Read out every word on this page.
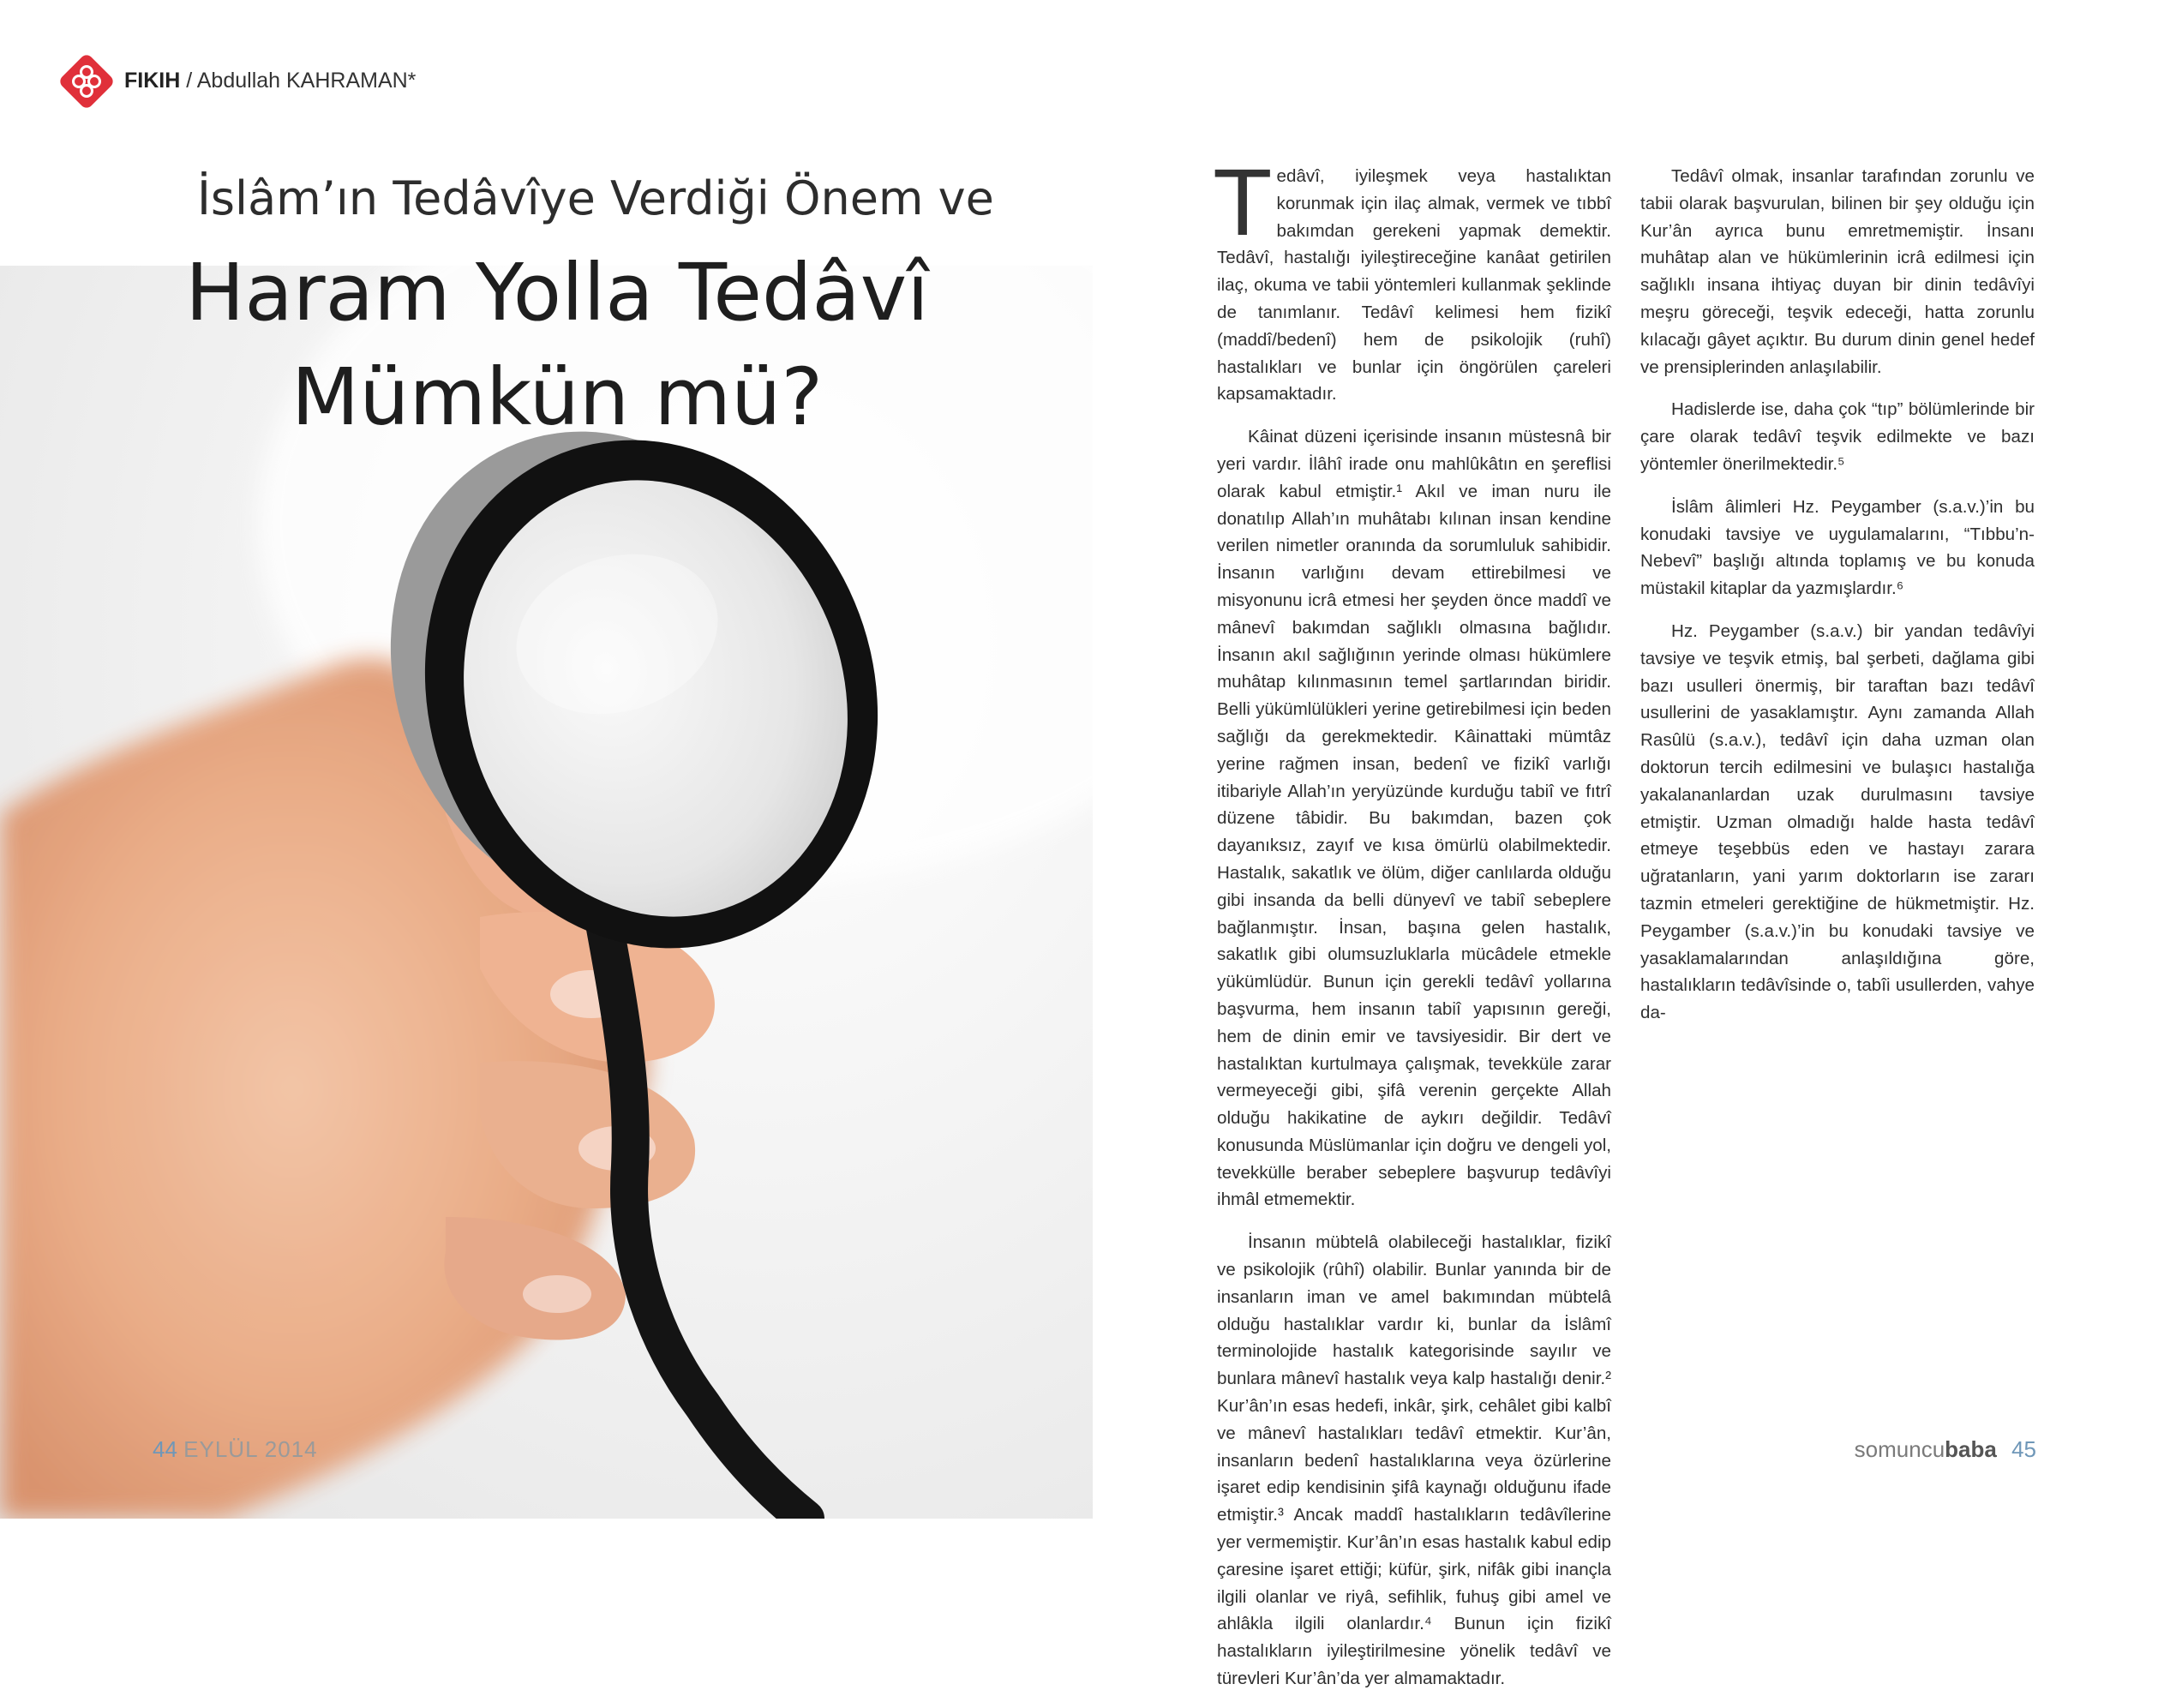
FIKIH / Abdullah KAHRAMAN*
İslâm’ın Tedâvîye Verdiği Önem ve
Haram Yolla Tedâvî
Mümkün mü?

Tedâvî, iyileşmek veya hastalıktan korunmak için ilaç almak, vermek ve tıbbî bakımdan gerekeni yapmak demektir. Tedâvî, hastalığı iyileştireceğine kanâat getirilen ilaç, okuma ve tabii yöntemleri kullanmak şeklinde de tanımlanır. Tedâvî kelimesi hem fizikî (maddî/bedenî) hem de psikolojik (ruhî) hastalıkları ve bunlar için öngörülen çareleri kapsamaktadır.

Kâinat düzeni içerisinde insanın müstesnâ bir yeri vardır. İlâhî irade onu mahlûkâtın en şereflisi olarak kabul etmiştir.¹ Akıl ve iman nuru ile donatılıp Allah’ın muhâtabı kılınan insan kendine verilen nimetler oranında da sorumluluk sahibidir. İnsanın varlığını devam ettirebilmesi ve misyonunu icrâ etmesi her şeyden önce maddî ve mânevî bakımdan sağlıklı olmasına bağlıdır. İnsanın akıl sağlığının yerinde olması hükümlere muhâtap kılınmasının temel şartlarından biridir. Belli yükümlülükleri yerine getirebilmesi için beden sağlığı da gerekmektedir. Kâinattaki mümtâz yerine rağmen insan, bedenî ve fizikî varlığı itibariyle Allah’ın yeryüzünde kurduğu tabiî ve fıtrî düzene tâbidir. Bu bakımdan, bazen çok dayanıksız, zayıf ve kısa ömürlü olabilmektedir. Hastalık, sakatlık ve ölüm, diğer canlılarda olduğu gibi insanda da belli dünyevî ve tabiî sebeplere bağlanmıştır. İnsan, başına gelen hastalık, sakatlık gibi olumsuzluklarla mücâdele etmekle yükümlüdür. Bunun için gerekli tedâvî yollarına başvurma, hem insanın tabiî yapısının gereği, hem de dinin emir ve tavsiyesidir. Bir dert ve hastalıktan kurtulmaya çalışmak, tevekküle zarar vermeyeceği gibi, şifâ verenin gerçekte Allah olduğu hakikatine de aykırı değildir. Tedâvî konusunda Müslümanlar için doğru ve dengeli yol, tevekkülle beraber sebeplere başvurup tedâvîyi ihmâl etmemektir.

İnsanın mübtelâ olabileceği hastalıklar, fizikî ve psikolojik (rûhî) olabilir. Bunlar yanında bir de insanların iman ve amel bakımından mübtelâ olduğu hastalıklar vardır ki, bunlar da İslâmî terminolojide hastalık kategorisinde sayılır ve bunlara mânevî hastalık veya kalp hastalığı denir.² Kur’ân’ın esas hedefi, inkâr, şirk, cehâlet gibi kalbî ve mânevî hastalıkları tedâvî etmektir. Kur’ân, insanların bedenî hastalıklarına veya özürlerine işaret edip kendisinin şifâ kaynağı olduğunu ifade etmiştir.³ Ancak maddî hastalıkların tedâvîlerine yer vermemiştir. Kur’ân’ın esas hastalık kabul edip çaresine işaret ettiği; küfür, şirk, nifâk gibi inançla ilgili olanlar ve riyâ, sefihlik, fuhuş gibi amel ve ahlâkla ilgili olanlardır.⁴ Bunun için fizikî hastalıkların iyileştirilmesine yönelik tedâvî ve türevleri Kur’ân’da yer almamaktadır.

Tedâvî olmak, insanlar tarafından zorunlu ve tabii olarak başvurulan, bilinen bir şey olduğu için Kur’ân ayrıca bunu emretmemiştir. İnsanı muhâtap alan ve hükümlerinin icrâ edilmesi için sağlıklı insana ihtiyaç duyan bir dinin tedâvîyi meşru göreceği, teşvik edeceği, hatta zorunlu kılacağı gâyet açıktır. Bu durum dinin genel hedef ve prensiplerinden anlaşılabilir.

Hadislerde ise, daha çok “tıp” bölümlerinde bir çare olarak tedâvî teşvik edilmekte ve bazı yöntemler önerilmektedir.⁵

İslâm âlimleri Hz. Peygamber (s.a.v.)’in bu konudaki tavsiye ve uygulamalarını, “Tıbbu’n-Nebevî” başlığı altında toplamış ve bu konuda müstakil kitaplar da yazmışlardır.⁶

Hz. Peygamber (s.a.v.) bir yandan tedâvîyi tavsiye ve teşvik etmiş, bal şerbeti, dağlama gibi bazı usulleri önermiş, bir taraftan bazı tedâvî usullerini de yasaklamıştır. Aynı zamanda Allah Rasûlü (s.a.v.), tedâvî için daha uzman olan doktorun tercih edilmesini ve bulaşıcı hastalığa yakalananlardan uzak durulmasını tavsiye etmiştir. Uzman olmadığı halde hasta tedâvî etmeye teşebbüs eden ve hastayı zarara uğratanların, yani yarım doktorların ise zararı tazmin etmeleri gerektiğine de hükmetmiştir. Hz. Peygamber (s.a.v.)’in bu konudaki tavsiye ve yasaklamalarından anlaşıldığına göre, hastalıkların tedâvîsinde o, tabîi usullerden, vahye da-

44 EYLÜL 2014	somuncubaba 45
